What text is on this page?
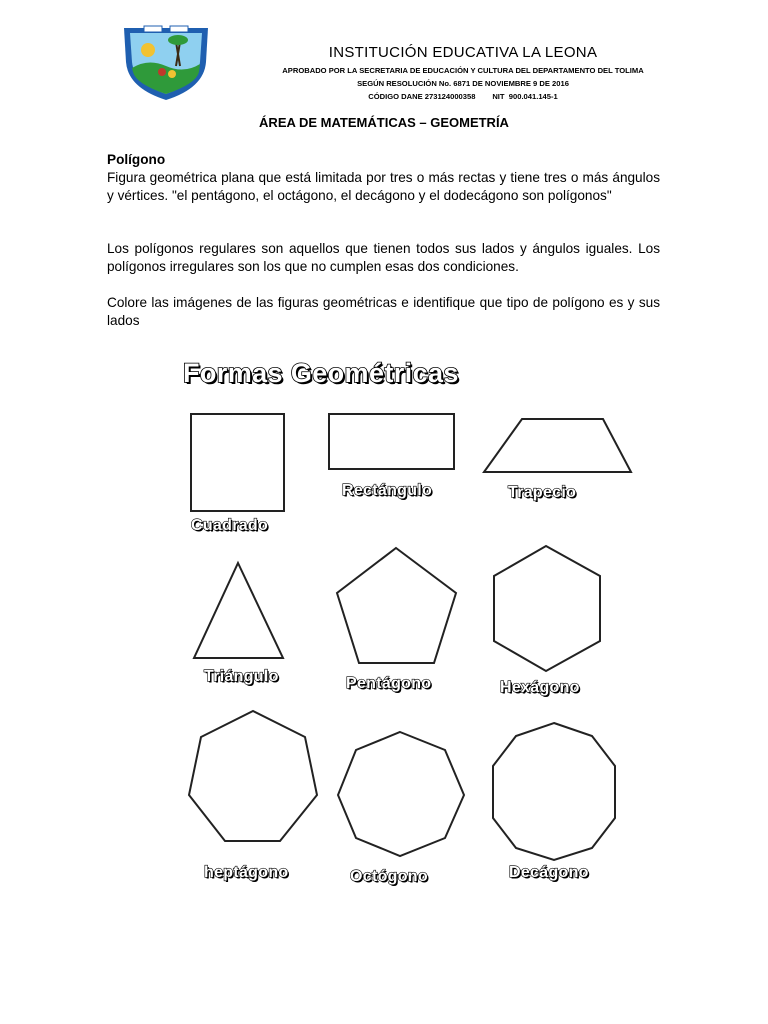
INSTITUCIÓN EDUCATIVA LA LEONA
APROBADO POR LA SECRETARIA DE EDUCACIÓN Y CULTURA DEL DEPARTAMENTO DEL TOLIMA
SEGÚN RESOLUCIÓN No. 6871 DE NOVIEMBRE 9 DE 2016
CÓDIGO DANE 273124000358        NIT  900.041.145-1
ÁREA DE MATEMÁTICAS – GEOMETRÍA
Polígono
Figura geométrica plana que está limitada por tres o más rectas y tiene tres o más ángulos y vértices. "el pentágono, el octágono, el decágono y el dodecágono son polígonos"
Los polígonos regulares son aquellos que tienen todos sus lados y ángulos iguales. Los polígonos irregulares son los que no cumplen esas dos condiciones.
Colore las imágenes de las figuras geométricas e identifique que tipo de polígono es y sus lados
Formas Geométricas
Cuadrado
Rectángulo	Trapecio
Triángulo	Pentágono	Hexágono
heptágono	Octógono	Decágono
